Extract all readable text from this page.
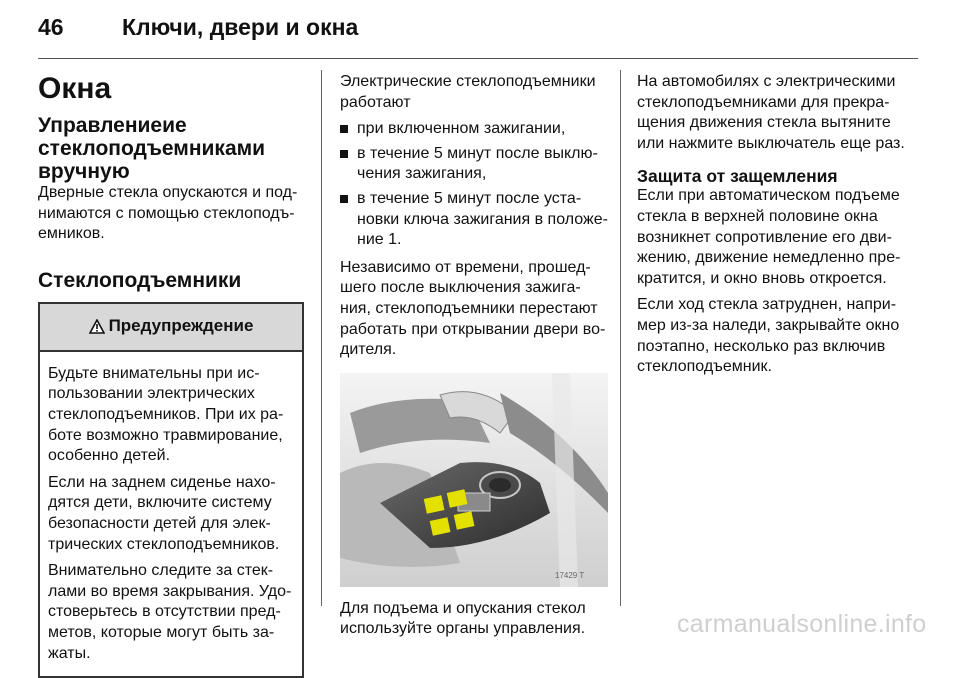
46	Ключи, двери и окна
Окна
Управлениеие
стеклоподъемниками
вручную

Дверные стекла опускаются и под-нимаются с помощью стеклоподъ-емников.

Стеклоподъемники
Предупреждение

Будьте внимательны при ис-пользовании электрических стеклоподъемников. При их ра-боте возможно травмирование, особенно детей.

Если на заднем сиденье нахо-дятся дети, включите систему безопасности детей для элек-трических стеклоподъемников.

Внимательно следите за стек-лами во время закрывания. Удо-стоверьтесь в отсутствии пред-метов, которые могут быть за-жаты.

Электрические стеклоподъемники работают

при включенном зажигании,
в течение 5 минут после выклю-чения зажигания,
в течение 5 минут после уста-новки ключа зажигания в положе-ние 1.

Независимо от времени, прошед-шего после выключения зажига-ния, стеклоподъемники перестают работать при открывании двери во-дителя.

17429 T

Для подъема и опускания стекол используйте органы управления.

На автомобилях с электрическими стеклоподъемниками для прекра-щения движения стекла вытяните или нажмите выключатель еще раз.

Защита от защемления

Если при автоматическом подъеме стекла в верхней половине окна возникнет сопротивление его дви-жению, движение немедленно пре-кратится, и окно вновь откроется.

Если ход стекла затруднен, напри-мер из-за наледи, закрывайте окно поэтапно, несколько раз включив стеклоподъемник.

carmanualsonline.info
